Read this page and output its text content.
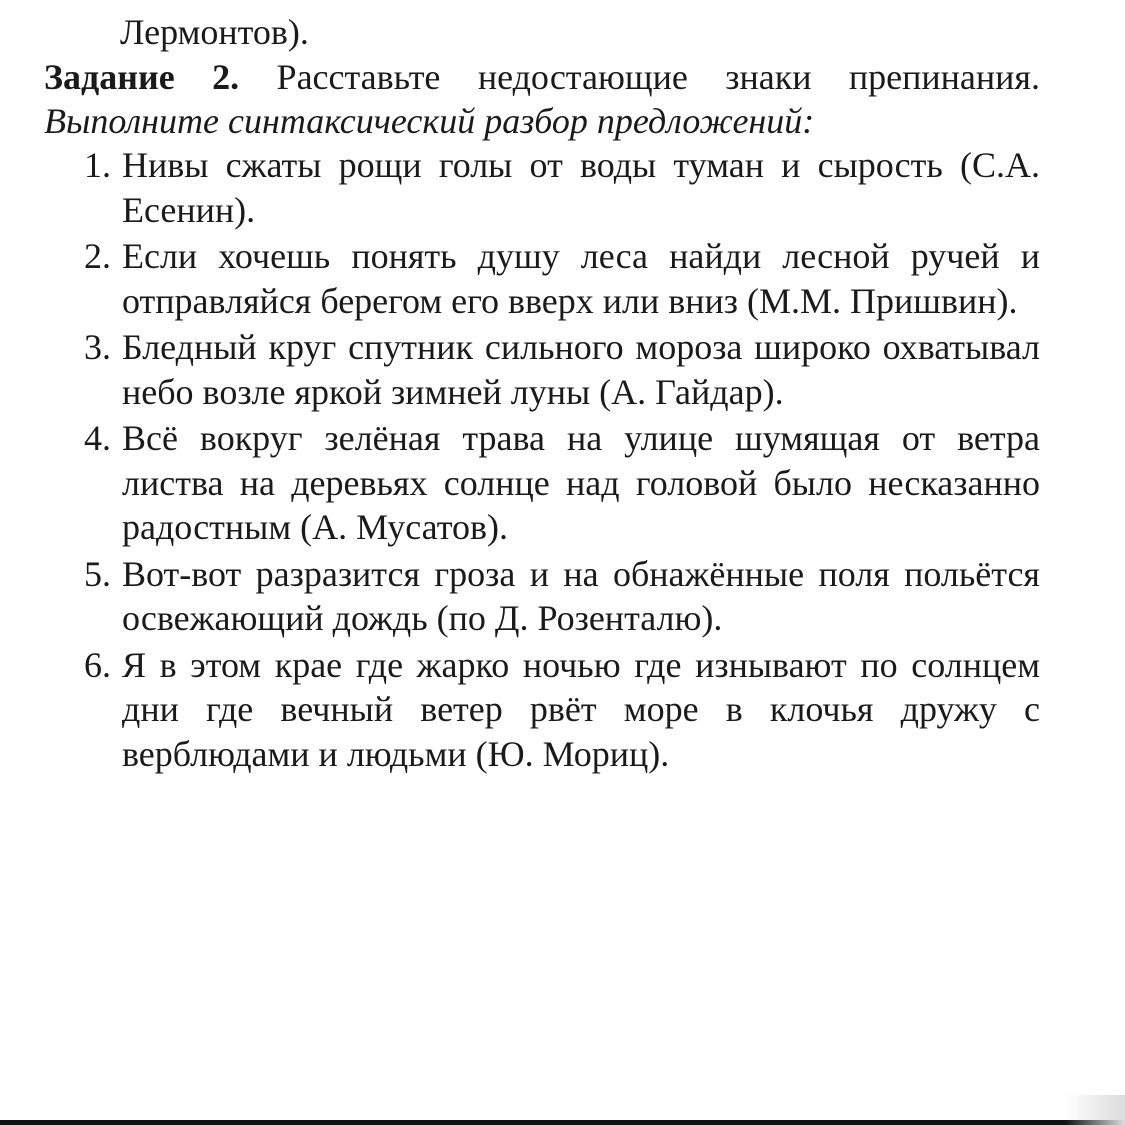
Лермонтов).
Задание 2. Расставьте недостающие знаки препинания.
Выполните синтаксический разбор предложений:
1. Нивы сжаты рощи голы от воды туман и сырость (С.А. Есенин).
2. Если хочешь понять душу леса найди лесной ручей и отправляйся берегом его вверх или вниз (М.М. Пришвин).
3. Бледный круг спутник сильного мороза широко охватывал небо возле яркой зимней луны (А. Гайдар).
4. Всё вокруг зелёная трава на улице шумящая от ветра листва на деревьях солнце над головой было несказанно радостным (А. Мусатов).
5. Вот-вот разразится гроза и на обнажённые поля польётся освежающий дождь (по Д. Розенталю).
6. Я в этом крае где жарко ночью где изнывают по солнцем дни где вечный ветер рвёт море в клочья дружу с верблюдами и людьми (Ю. Мориц).
